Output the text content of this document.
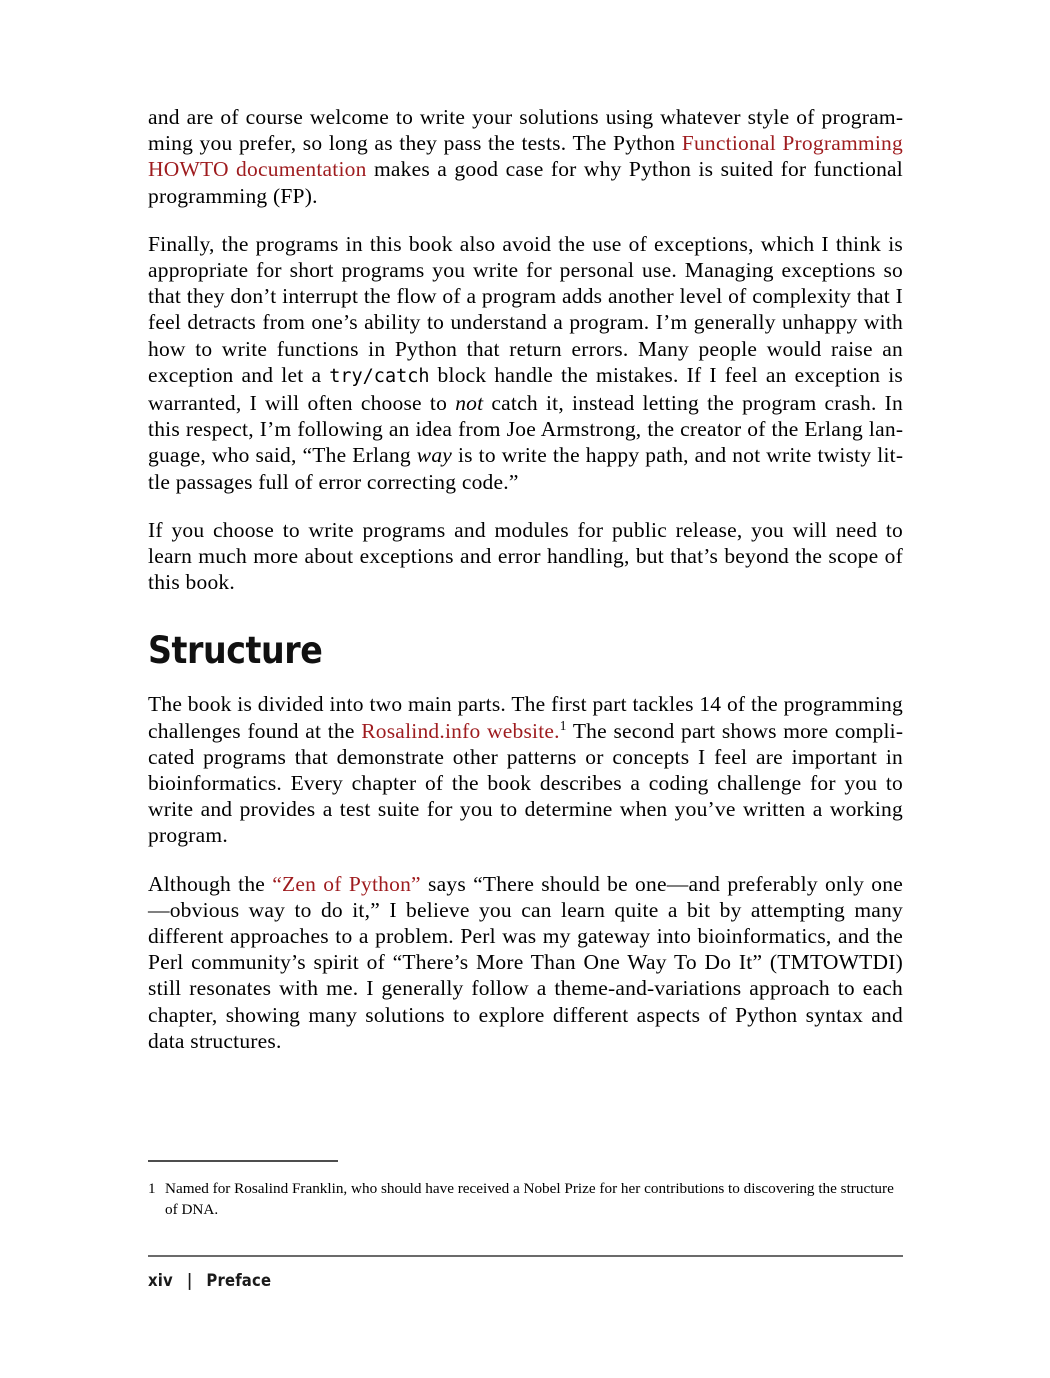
and are of course welcome to write your solutions using whatever style of programming you prefer, so long as they pass the tests. The Python Functional Programming HOWTO documentation makes a good case for why Python is suited for functional programming (FP).

Finally, the programs in this book also avoid the use of exceptions, which I think is appropriate for short programs you write for personal use. Managing exceptions so that they don’t interrupt the flow of a program adds another level of complexity that I feel detracts from one’s ability to understand a program. I’m generally unhappy with how to write functions in Python that return errors. Many people would raise an exception and let a try/catch block handle the mistakes. If I feel an exception is warranted, I will often choose to not catch it, instead letting the program crash. In this respect, I’m following an idea from Joe Armstrong, the creator of the Erlang language, who said, “The Erlang way is to write the happy path, and not write twisty little passages full of error correcting code.”

If you choose to write programs and modules for public release, you will need to learn much more about exceptions and error handling, but that’s beyond the scope of this book.

Structure

The book is divided into two main parts. The first part tackles 14 of the programming challenges found at the Rosalind.info website.$^1$ The second part shows more complicated programs that demonstrate other patterns or concepts I feel are important in bioinformatics. Every chapter of the book describes a coding challenge for you to write and provides a test suite for you to determine when you’ve written a working program.

Although the “Zen of Python” says “There should be one—and preferably only one—obvious way to do it,” I believe you can learn quite a bit by attempting many different approaches to a problem. Perl was my gateway into bioinformatics, and the Perl community’s spirit of “There’s More Than One Way To Do It” (TMTOWTDI) still resonates with me. I generally follow a theme-and-variations approach to each chapter, showing many solutions to explore different aspects of Python syntax and data structures.

1 Named for Rosalind Franklin, who should have received a Nobel Prize for her contributions to discovering the structure of DNA.
xiv | Preface
